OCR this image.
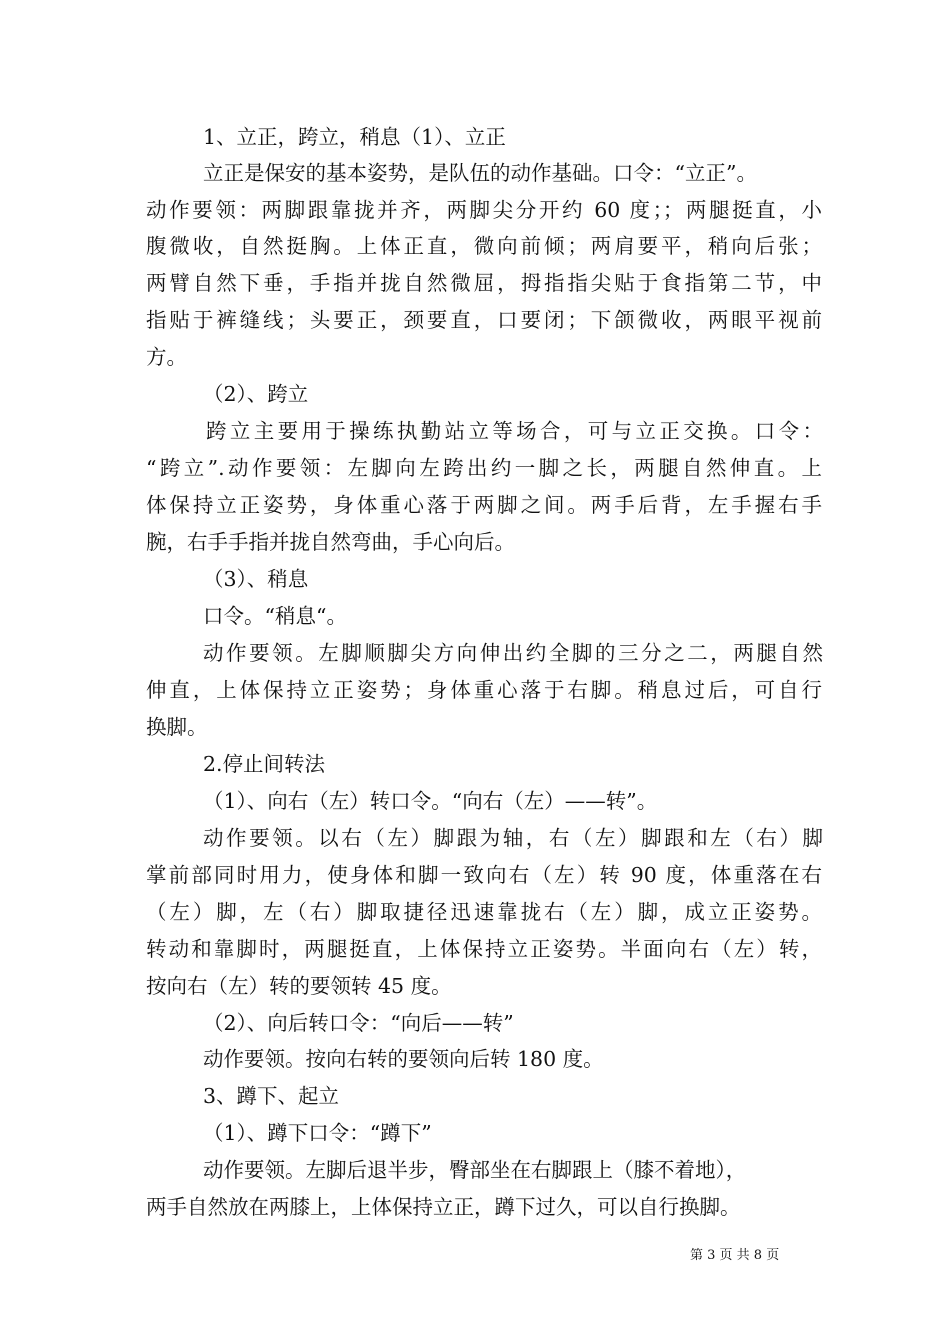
1、立正，跨立，稍息（1）、立正
立正是保安的基本姿势，是队伍的动作基础。口令：“立正”。
动作要领：两脚跟靠拢并齐，两脚尖分开约 60 度；；两腿挺直，小
腹微收，自然挺胸。上体正直，微向前倾；两肩要平，稍向后张；
两臂自然下垂，手指并拢自然微屈，拇指指尖贴于食指第二节，中
指贴于裤缝线；头要正，颈要直，口要闭；下颌微收，两眼平视前
方。
（2）、跨立
跨立主要用于操练执勤站立等场合，可与立正交换。口令：
“跨立”.动作要领：左脚向左跨出约一脚之长，两腿自然伸直。上
体保持立正姿势，身体重心落于两脚之间。两手后背，左手握右手
腕，右手手指并拢自然弯曲，手心向后。
（3）、稍息
口令。“稍息“。
动作要领。左脚顺脚尖方向伸出约全脚的三分之二，两腿自然
伸直，上体保持立正姿势；身体重心落于右脚。稍息过后，可自行
换脚。
2.停止间转法
（1）、向右（左）转口令。“向右（左）——转”。
动作要领。以右（左）脚跟为轴，右（左）脚跟和左（右）脚
掌前部同时用力，使身体和脚一致向右（左）转 90 度，体重落在右
（左）脚，左（右）脚取捷径迅速靠拢右（左）脚，成立正姿势。
转动和靠脚时，两腿挺直，上体保持立正姿势。半面向右（左）转，
按向右（左）转的要领转 45 度。
（2）、向后转口令：“向后——转”
动作要领。按向右转的要领向后转 180 度。
3、蹲下、起立
（1）、蹲下口令：“蹲下”
动作要领。左脚后退半步，臀部坐在右脚跟上（膝不着地），
两手自然放在两膝上，上体保持立正，蹲下过久，可以自行换脚。
第 3 页 共 8 页
